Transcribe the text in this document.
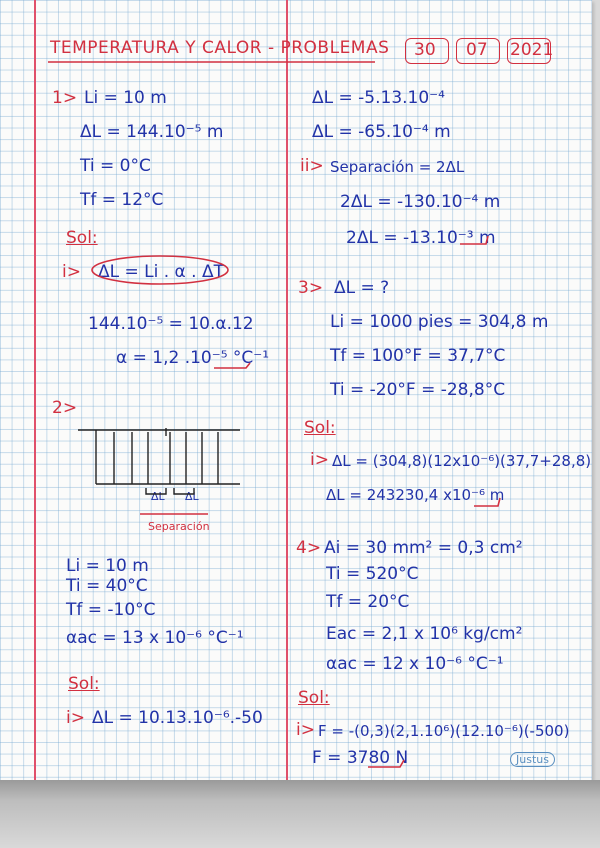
TEMPERATURA Y CALOR - PROBLEMAS 30 07 2021
1> Li = 10 m
ΔL = 144.10⁻⁵ m
Ti = 0°C
Tf = 12°C
Sol:
i> ΔL = Li . α . ΔT
144.10⁻⁵ = 10.α.12
α = 1,2 .10⁻⁵ °C⁻¹
2>
ΔL ΔL
Separación
Li = 10 m
Ti = 40°C
Tf = -10°C
αac = 13 x 10⁻⁶ °C⁻¹
Sol:
i> ΔL = 10.13.10⁻⁶.-50
ΔL = -5.13.10⁻⁴
ΔL = -65.10⁻⁴ m
ii> Separación = 2ΔL
2ΔL = -130.10⁻⁴ m
2ΔL = -13.10⁻³ m
3> ΔL = ?
Li = 1000 pies = 304,8 m
Tf = 100°F = 37,7°C
Ti = -20°F = -28,8°C
Sol:
i> ΔL = (304,8)(12x10⁻⁶)(37,7+28,8)
ΔL = 243230,4 x10⁻⁶ m
4> Ai = 30 mm² = 0,3 cm²
Ti = 520°C
Tf = 20°C
Eac = 2,1 x 10⁶ kg/cm²
αac = 12 x 10⁻⁶ °C⁻¹
Sol:
i> F = -(0,3)(2,1.10⁶)(12.10⁻⁶)(-500)
F = 3780 N	Justus
